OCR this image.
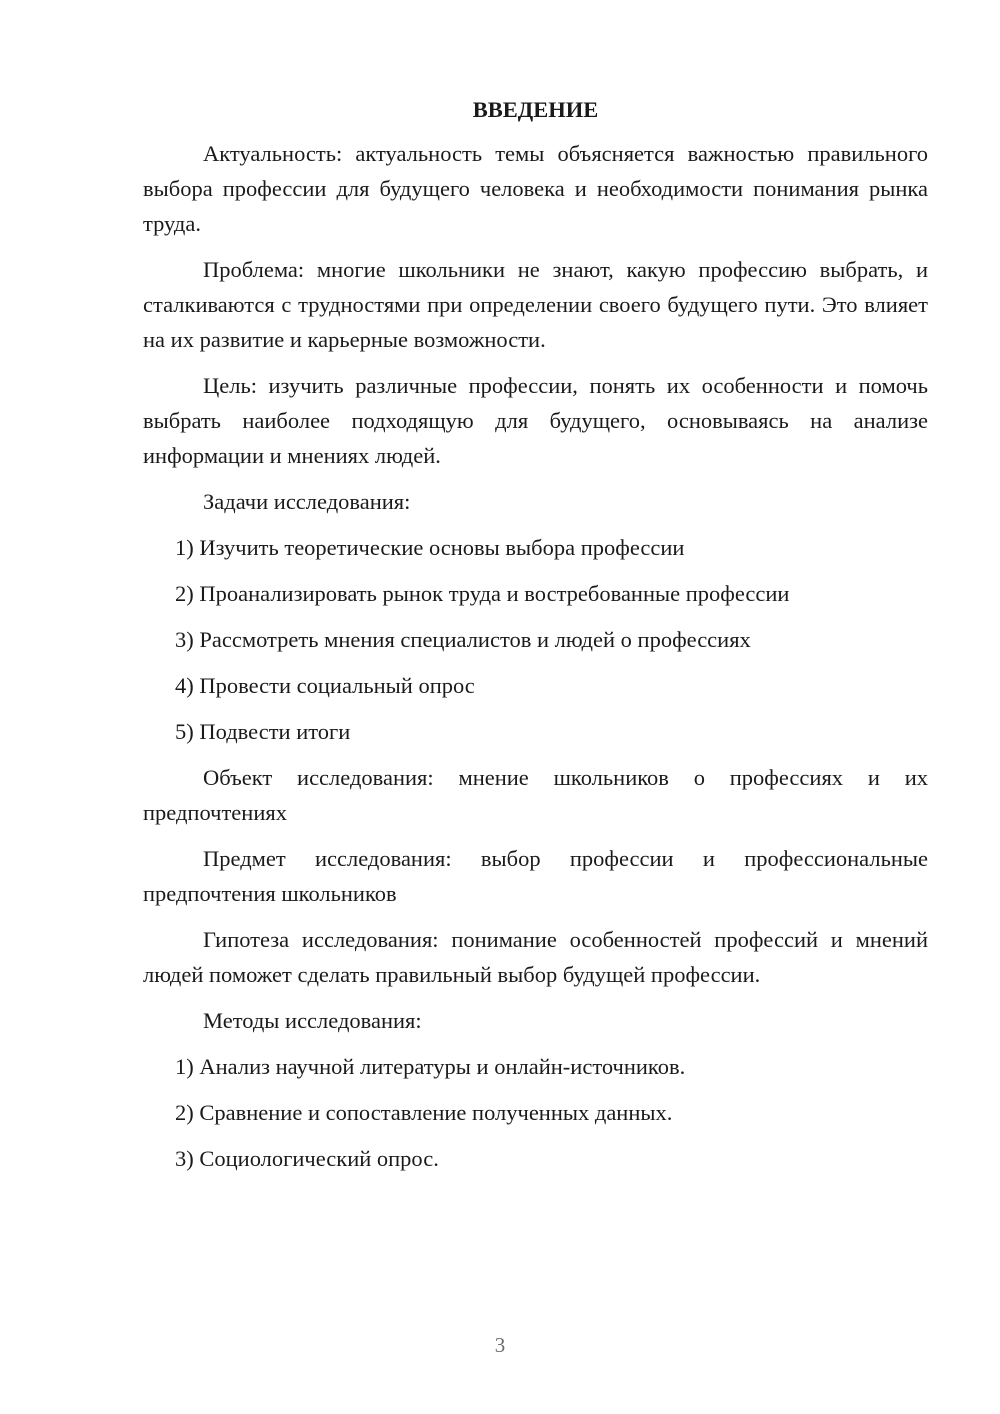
ВВЕДЕНИЕ

Актуальность: актуальность темы объясняется важностью правильного выбора профессии для будущего человека и необходимости понимания рынка труда.

Проблема: многие школьники не знают, какую профессию выбрать, и сталкиваются с трудностями при определении своего будущего пути. Это влияет на их развитие и карьерные возможности.

Цель: изучить различные профессии, понять их особенности и помочь выбрать наиболее подходящую для будущего, основываясь на анализе информации и мнениях людей.

Задачи исследования:

1) Изучить теоретические основы выбора профессии
2) Проанализировать рынок труда и востребованные профессии
3) Рассмотреть мнения специалистов и людей о профессиях
4) Провести социальный опрос
5) Подвести итоги

Объект исследования: мнение школьников о профессиях и их предпочтениях

Предмет исследования: выбор профессии и профессиональные предпочтения школьников

Гипотеза исследования: понимание особенностей профессий и мнений людей поможет сделать правильный выбор будущей профессии.

Методы исследования:

1) Анализ научной литературы и онлайн-источников.
2) Сравнение и сопоставление полученных данных.
3) Социологический опрос.
3
